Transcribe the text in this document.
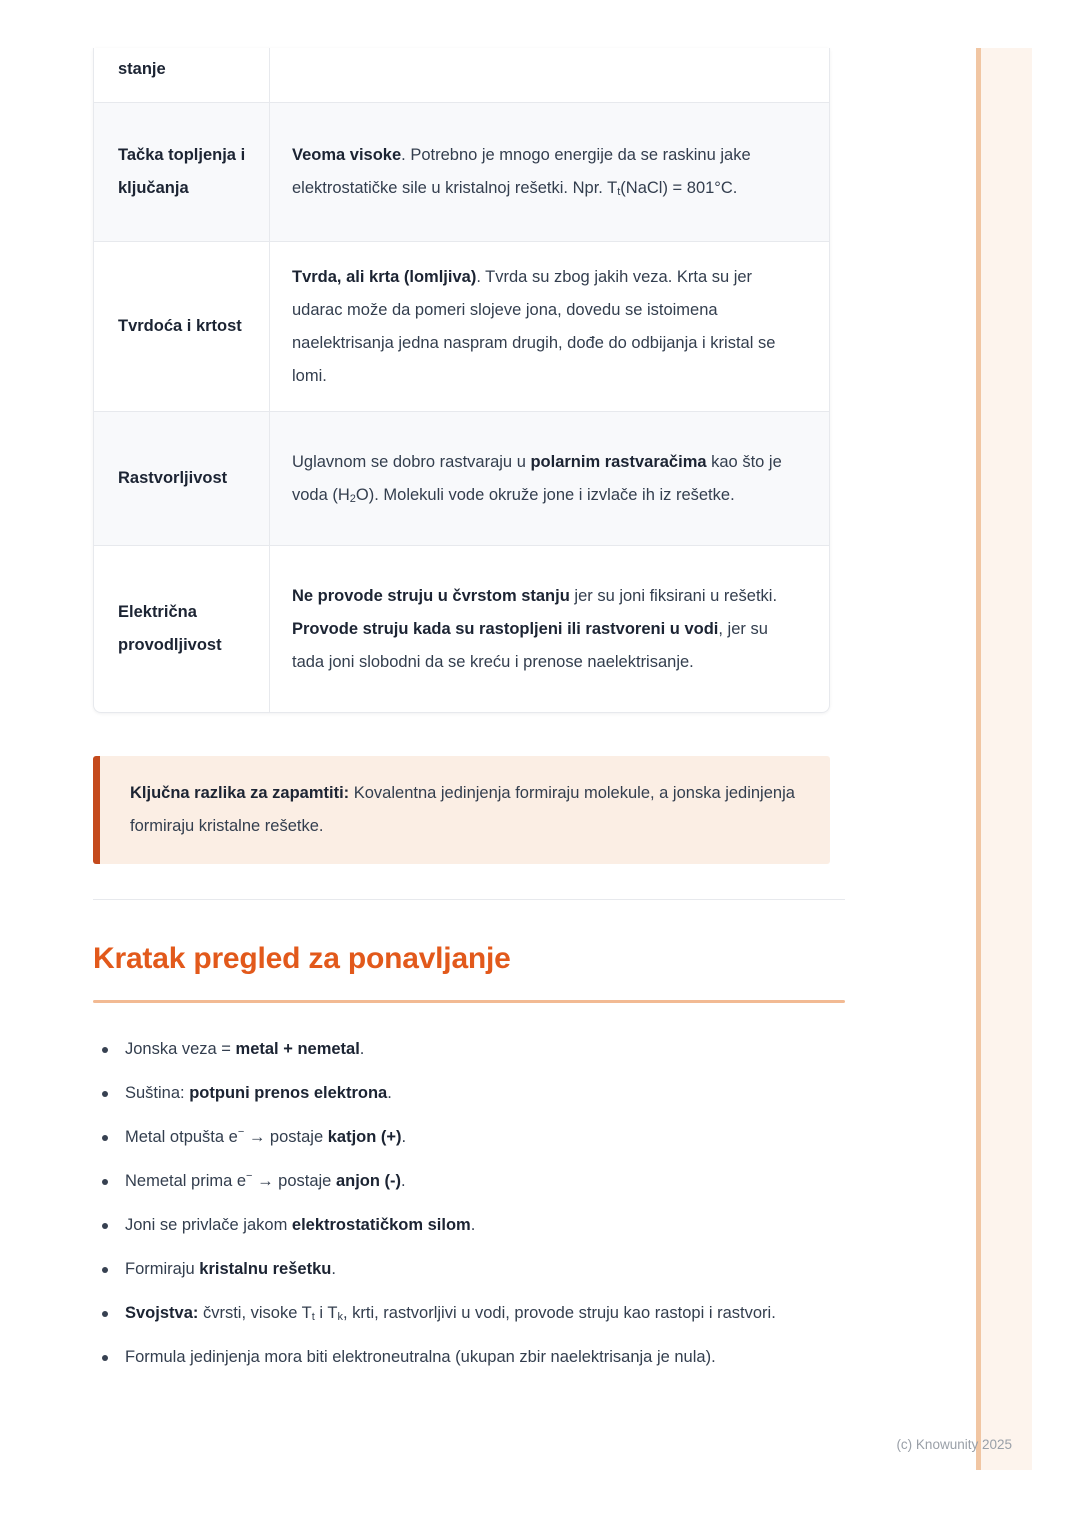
stanje	
Tačka topljenja i ključanja	Veoma visoke. Potrebno je mnogo energije da se raskinu jake elektrostatičke sile u kristalnoj rešetki. Npr. $T_t(NaCl) = 801^\circ C$.
Tvrdoća i krtost	Tvrda, ali krta (lomljiva). Tvrda su zbog jakih veza. Krta su jer udarac može da pomeri slojeve jona, dovedu se istoimena naelektrisanja jedna naspram drugih, dođe do odbijanja i kristal se lomi.
Rastvorljivost	Uglavnom se dobro rastvaraju u polarnim rastvaračima kao što je voda $(H_2O)$. Molekuli vode okruže jone i izvlače ih iz rešetke.
Električna provodljivost	Ne provode struju u čvrstom stanju jer su joni fiksirani u rešetki. Provode struju kada su rastopljeni ili rastvoreni u vodi, jer su tada joni slobodni da se kreću i prenose naelektrisanje.

Ključna razlika za zapamtiti: Kovalentna jedinjenja formiraju molekule, a jonska jedinjenja formiraju kristalne rešetke.

Kratak pregled za ponavljanje
Jonska veza = metal + nemetal.
Suština: potpuni prenos elektrona.
Metal otpušta e− → postaje katjon (+).
Nemetal prima e− → postaje anjon (-).
Joni se privlače jakom elektrostatičkom silom.
Formiraju kristalnu rešetku.
Svojstva: čvrsti, visoke $T_t$ i $T_k$, krti, rastvorljivi u vodi, provode struju kao rastopi i rastvori.
Formula jedinjenja mora biti elektroneutralna (ukupan zbir naelektrisanja je nula).
(c) Knowunity 2025
